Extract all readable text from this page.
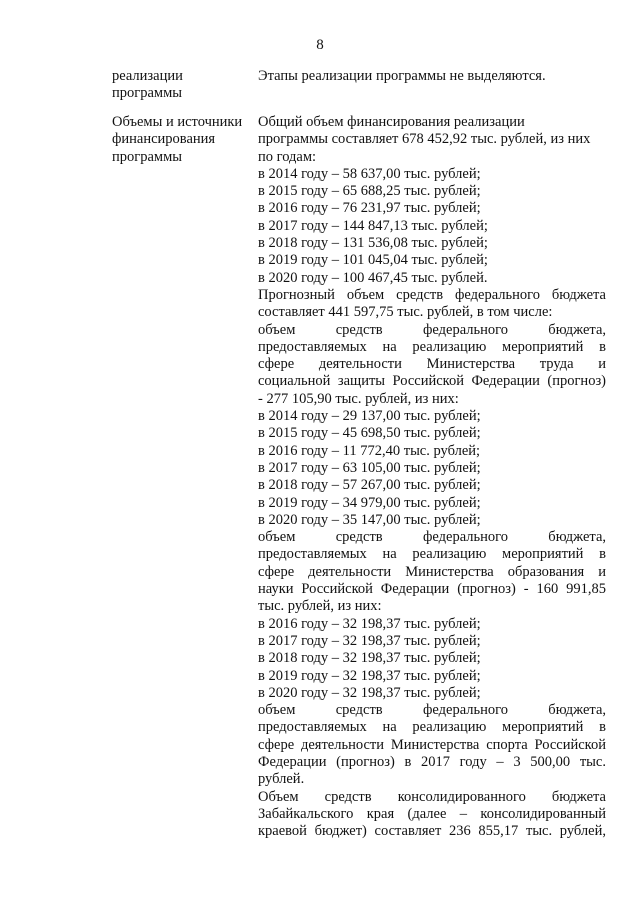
8
реализации
программы
Этапы реализации программы не выделяются.
Объемы и источники
финансирования
программы
Общий объем финансирования реализации
программы составляет 678 452,92 тыс. рублей, из них
по годам:
в 2014 году – 58 637,00 тыс. рублей;
в 2015 году – 65 688,25 тыс. рублей;
в 2016 году – 76 231,97 тыс. рублей;
в 2017 году – 144 847,13 тыс. рублей;
в 2018 году – 131 536,08 тыс. рублей;
в 2019 году – 101 045,04 тыс. рублей;
в 2020 году – 100 467,45 тыс. рублей.
Прогнозный объем средств федерального бюджета
составляет 441 597,75 тыс. рублей, в том числе:
объем средств федерального бюджета,
предоставляемых на реализацию мероприятий в
сфере деятельности Министерства труда и
социальной защиты Российской Федерации (прогноз)
- 277 105,90 тыс. рублей, из них:
в 2014 году – 29 137,00 тыс. рублей;
в 2015 году – 45 698,50 тыс. рублей;
в 2016 году – 11 772,40 тыс. рублей;
в 2017 году – 63 105,00 тыс. рублей;
в 2018 году – 57 267,00 тыс. рублей;
в 2019 году – 34 979,00 тыс. рублей;
в 2020 году – 35 147,00 тыс. рублей;
объем средств федерального бюджета,
предоставляемых на реализацию мероприятий в
сфере деятельности Министерства образования и
науки Российской Федерации (прогноз) - 160 991,85
тыс. рублей, из них:
в 2016 году – 32 198,37 тыс. рублей;
в 2017 году – 32 198,37 тыс. рублей;
в 2018 году – 32 198,37 тыс. рублей;
в 2019 году – 32 198,37 тыс. рублей;
в 2020 году – 32 198,37 тыс. рублей;
объем средств федерального бюджета,
предоставляемых на реализацию мероприятий в
сфере деятельности Министерства спорта Российской
Федерации (прогноз) в 2017 году – 3 500,00 тыс.
рублей.
Объем средств консолидированного бюджета
Забайкальского края (далее – консолидированный
краевой бюджет) составляет 236 855,17 тыс. рублей,
